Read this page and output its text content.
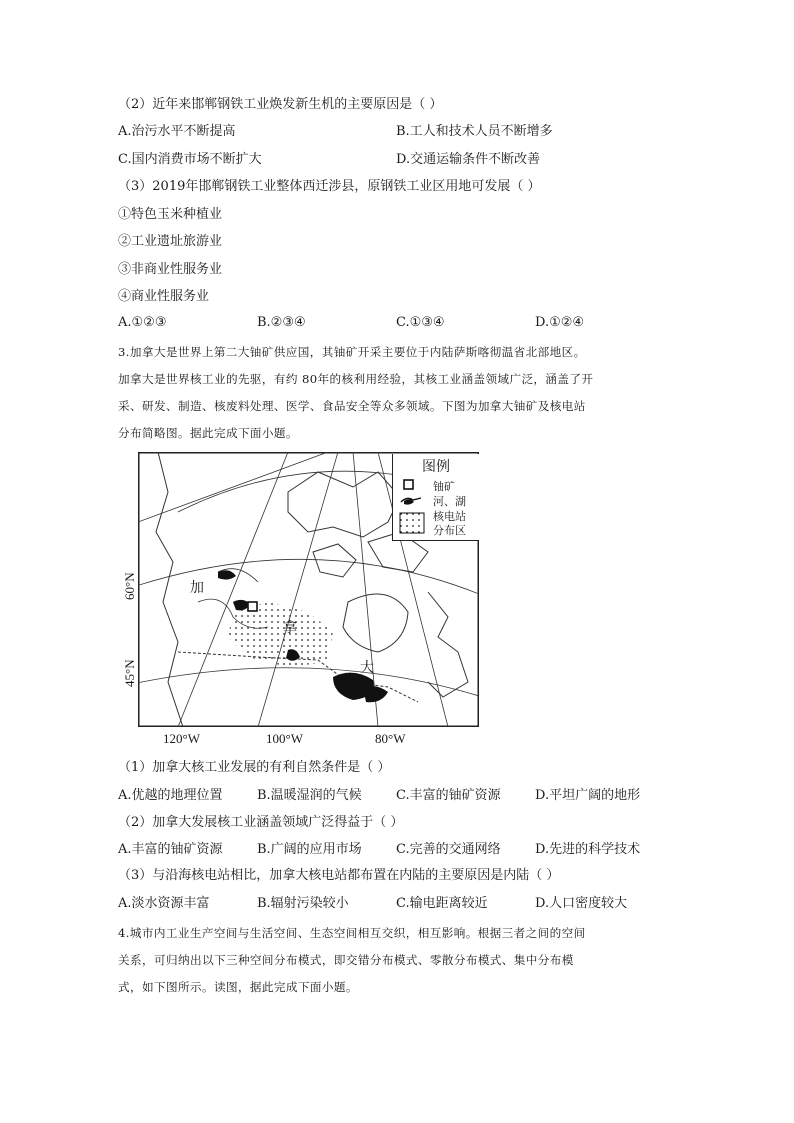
（2）近年来邯郸钢铁工业焕发新生机的主要原因是（ ）
A.治污水平不断提高	B.工人和技术人员不断增多
C.国内消费市场不断扩大	D.交通运输条件不断改善
（3）2019年邯郸钢铁工业整体西迁涉县，原钢铁工业区用地可发展（ ）
①特色玉米种植业
②工业遗址旅游业
③非商业性服务业
④商业性服务业
A.①②③	B.②③④	C.①③④	D.①②④
3.加拿大是世界上第二大铀矿供应国，其铀矿开采主要位于内陆萨斯喀彻温省北部地区。
加拿大是世界核工业的先驱，有约 80年的核利用经验，其核工业涵盖领域广泛，涵盖了开
采、研发、制造、核废料处理、医学、食品安全等众多领域。下图为加拿大铀矿及核电站
分布简略图。据此完成下面小题。
加
拿
大
60°N
45°N
120°W	100°W	80°W
图例
铀矿
河、湖
核电站
分布区
（1）加拿大核工业发展的有利自然条件是（ ）
A.优越的地理位置	B.温暖湿润的气候	C.丰富的铀矿资源	D.平坦广阔的地形
（2）加拿大发展核工业涵盖领域广泛得益于（ ）
A.丰富的铀矿资源	B.广阔的应用市场	C.完善的交通网络	D.先进的科学技术
（3）与沿海核电站相比，加拿大核电站都布置在内陆的主要原因是内陆（ ）
A.淡水资源丰富	B.辐射污染较小	C.输电距离较近	D.人口密度较大
4.城市内工业生产空间与生活空间、生态空间相互交织，相互影响。根据三者之间的空间
关系，可归纳出以下三种空间分布模式，即交错分布模式、零散分布模式、集中分布模
式，如下图所示。读图，据此完成下面小题。
